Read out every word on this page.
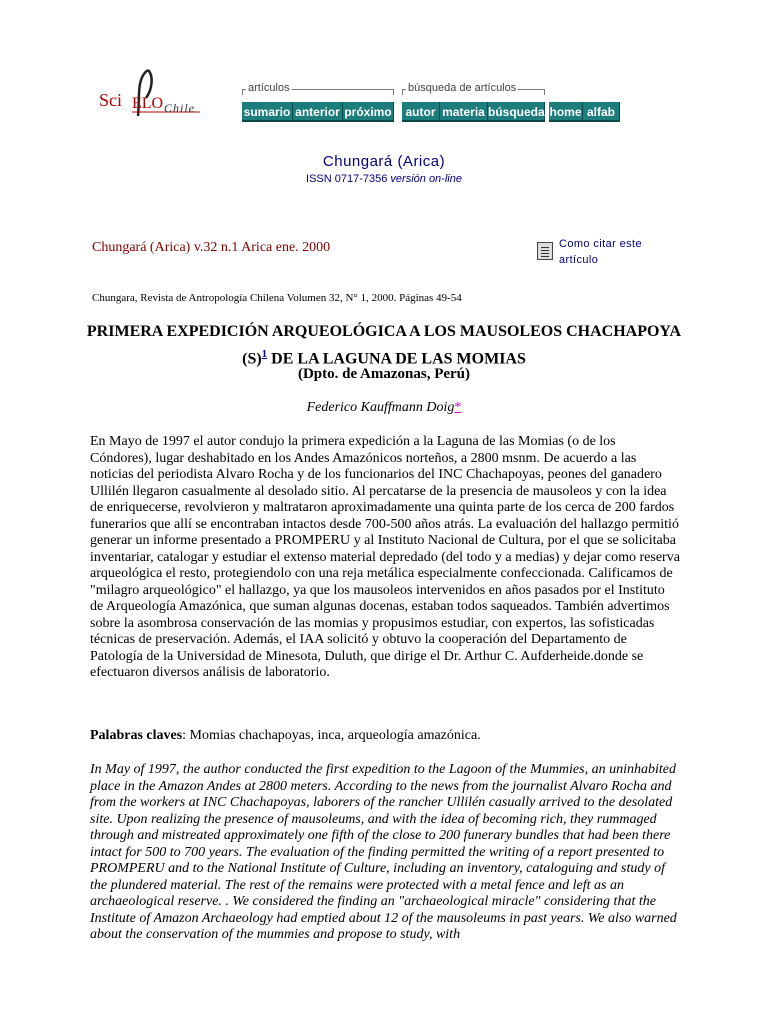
Sci ELO Chile
artículos
sumario anterior próximo
búsqueda de artículos
autor materia búsqueda home alfab
Chungará (Arica)
ISSN 0717-7356 versión on-line
Chungará (Arica) v.32 n.1 Arica ene. 2000	Como citar este artículo
Chungara, Revista de Antropología Chilena Volumen 32, N° 1, 2000. Páginas 49-54
PRIMERA EXPEDICIÓN ARQUEOLÓGICA A LOS MAUSOLEOS CHACHAPOYA $(S)^1$ DE LA LAGUNA DE LAS MOMIAS
(Dpto. de Amazonas, Perú)
Federico Kauffmann Doig*
En Mayo de 1997 el autor condujo la primera expedición a la Laguna de las Momias (o de los Cóndores), lugar deshabitado en los Andes Amazónicos norteños, a 2800 msnm. De acuerdo a las noticias del periodista Alvaro Rocha y de los funcionarios del INC Chachapoyas, peones del ganadero Ullilén llegaron casualmente al desolado sitio. Al percatarse de la presencia de mausoleos y con la idea de enriquecerse, revolvieron y maltrataron aproximadamente una quinta parte de los cerca de 200 fardos funerarios que allí se encontraban intactos desde 700-500 años atrás. La evaluación del hallazgo permitió generar un informe presentado a PROMPERU y al Instituto Nacional de Cultura, por el que se solicitaba inventariar, catalogar y estudiar el extenso material depredado (del todo y a medias) y dejar como reserva arqueológica el resto, protegiendolo con una reja metálica especialmente confeccionada. Calificamos de "milagro arqueológico" el hallazgo, ya que los mausoleos intervenidos en años pasados por el Instituto de Arqueología Amazónica, que suman algunas docenas, estaban todos saqueados. También advertimos sobre la asombrosa conservación de las momias y propusimos estudiar, con expertos, las sofisticadas técnicas de preservación. Además, el IAA solicitó y obtuvo la cooperación del Departamento de Patología de la Universidad de Minesota, Duluth, que dirige el Dr. Arthur C. Aufderheide.donde se efectuaron diversos análisis de laboratorio.
Palabras claves: Momias chachapoyas, inca, arqueología amazónica.
In May of 1997, the author conducted the first expedition to the Lagoon of the Mummies, an uninhabited place in the Amazon Andes at 2800 meters. According to the news from the journalist Alvaro Rocha and from the workers at INC Chachapoyas, laborers of the rancher Ullilén casually arrived to the desolated site. Upon realizing the presence of mausoleums, and with the idea of becoming rich, they rummaged through and mistreated approximately one fifth of the close to 200 funerary bundles that had been there intact for 500 to 700 years. The evaluation of the finding permitted the writing of a report presented to PROMPERU and to the National Institute of Culture, including an inventory, cataloguing and study of the plundered material. The rest of the remains were protected with a metal fence and left as an archaeological reserve. . We considered the finding an "archaeological miracle" considering that the Institute of Amazon Archaeology had emptied about 12 of the mausoleums in past years. We also warned about the conservation of the mummies and propose to study, with
